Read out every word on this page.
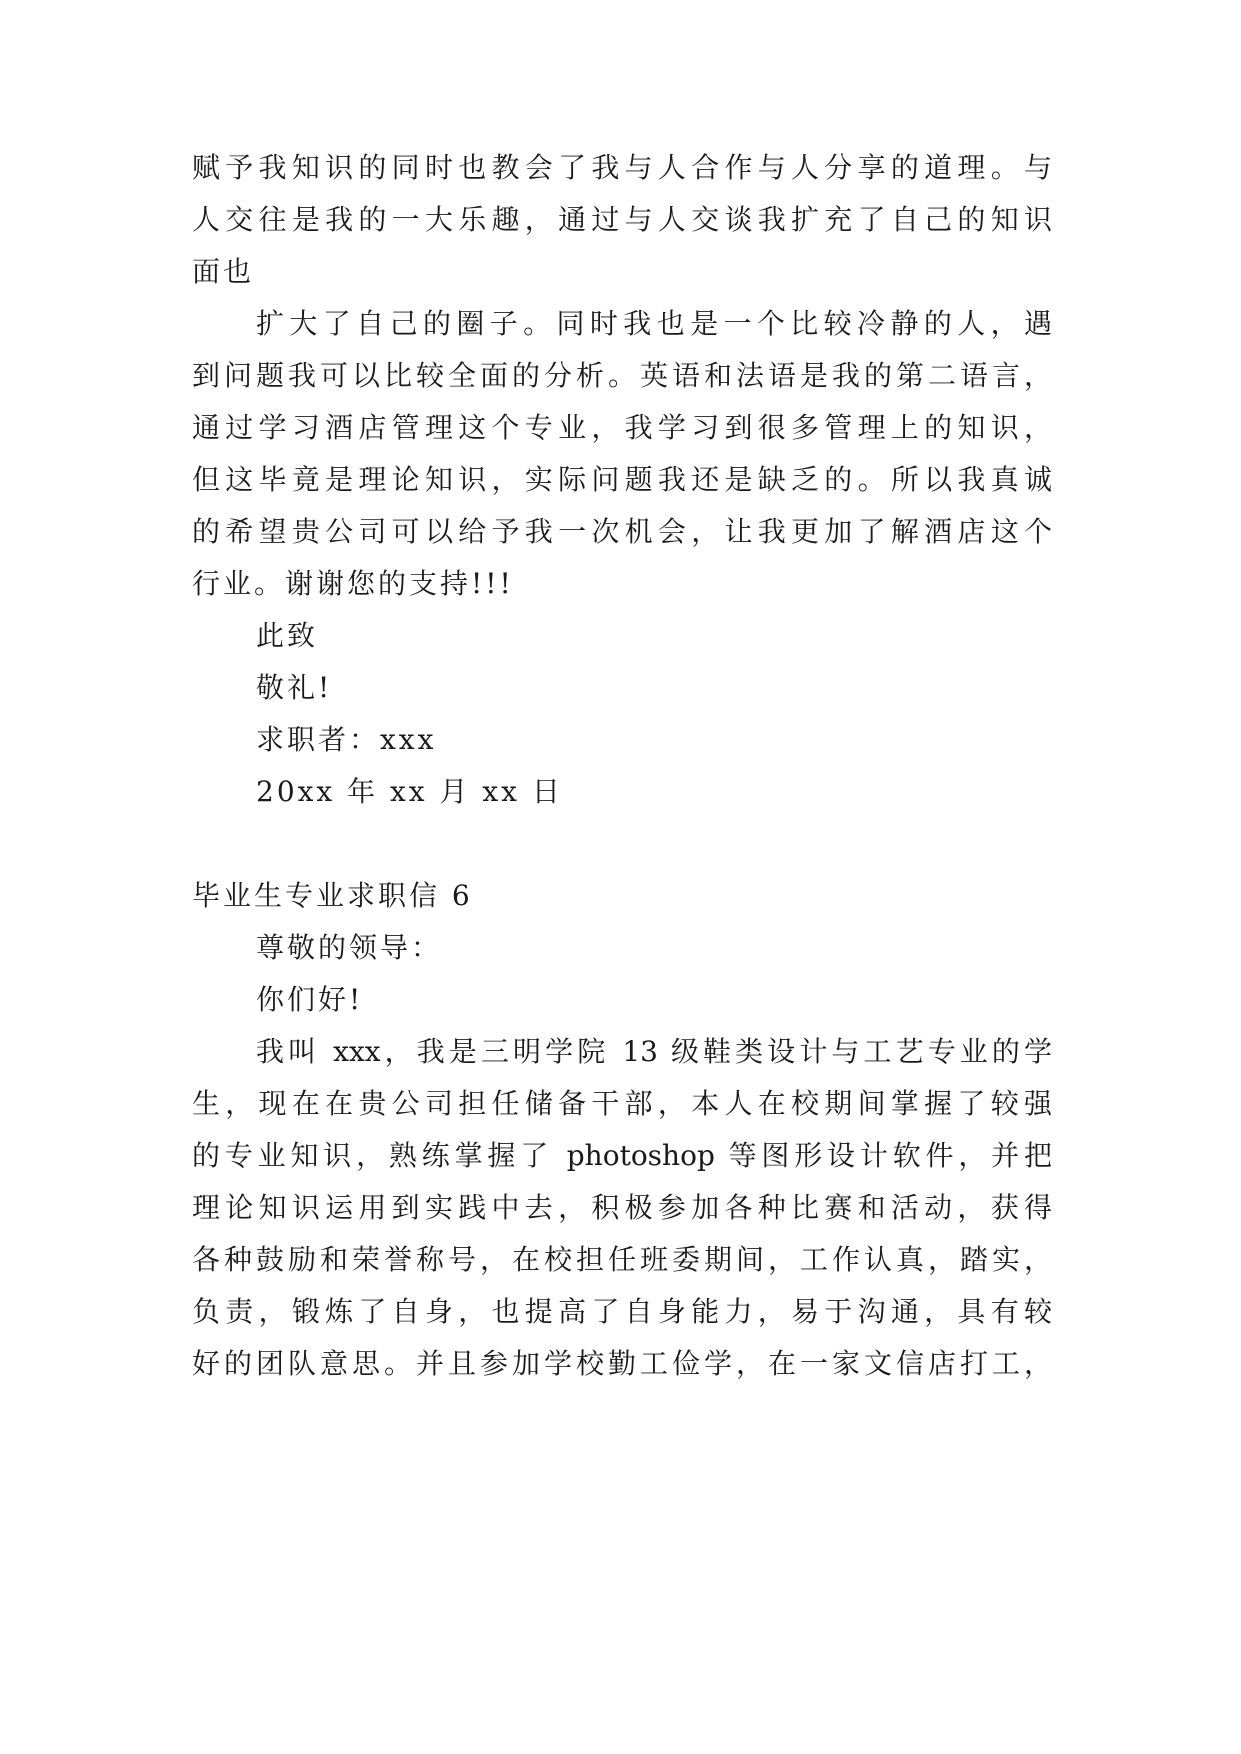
赋予我知识的同时也教会了我与人合作与人分享的道理。与
人交往是我的一大乐趣，通过与人交谈我扩充了自己的知识
面也
扩大了自己的圈子。同时我也是一个比较冷静的人，遇
到问题我可以比较全面的分析。英语和法语是我的第二语言，
通过学习酒店管理这个专业，我学习到很多管理上的知识，
但这毕竟是理论知识，实际问题我还是缺乏的。所以我真诚
的希望贵公司可以给予我一次机会，让我更加了解酒店这个
行业。谢谢您的支持!!!
此致
敬礼!
求职者：xxx
20xx 年 xx 月 xx 日
毕业生专业求职信 6
尊敬的领导：
你们好!
我叫 xxx，我是三明学院 13 级鞋类设计与工艺专业的学
生，现在在贵公司担任储备干部，本人在校期间掌握了较强
的专业知识，熟练掌握了 photoshop 等图形设计软件，并把
理论知识运用到实践中去，积极参加各种比赛和活动，获得
各种鼓励和荣誉称号，在校担任班委期间，工作认真，踏实，
负责，锻炼了自身，也提高了自身能力，易于沟通，具有较
好的团队意思。并且参加学校勤工俭学，在一家文信店打工，
